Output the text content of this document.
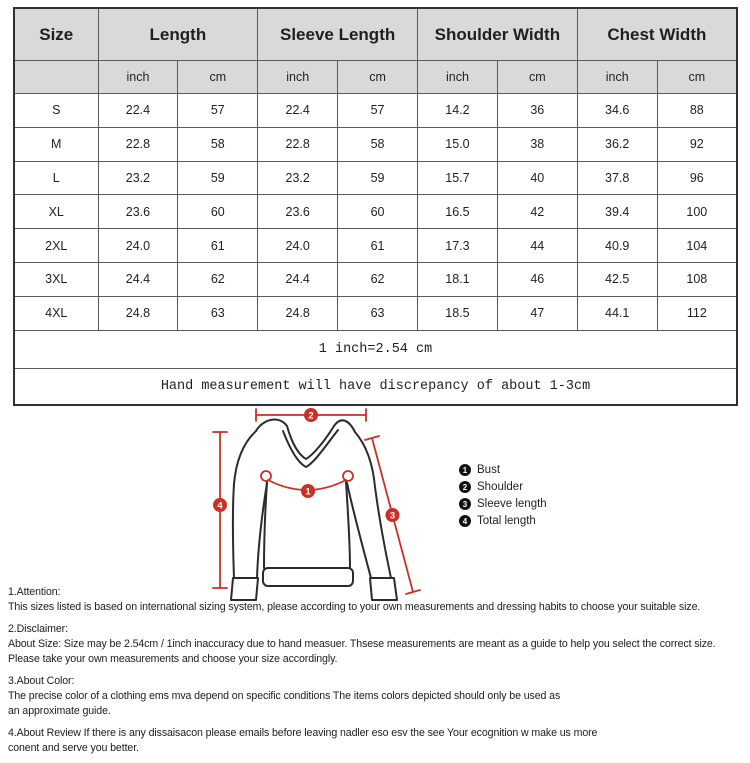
Size	Length		Sleeve Length		Shoulder Width		Chest Width	
	inch	cm	inch	cm	inch	cm	inch	cm
S	22.4	57	22.4	57	14.2	36	34.6	88
M	22.8	58	22.8	58	15.0	38	36.2	92
L	23.2	59	23.2	59	15.7	40	37.8	96
XL	23.6	60	23.6	60	16.5	42	39.4	100
2XL	24.0	61	24.0	61	17.3	44	40.9	104
3XL	24.4	62	24.4	62	18.1	46	42.5	108
4XL	24.8	63	24.8	63	18.5	47	44.1	112
1 inch=2.54 cm								
Hand measurement will have discrepancy of about 1-3cm								
2
4
1
3
1 Bust
2 Shoulder
3 Sleeve length
4 Total length
1.Attention:
This sizes listed is based on international sizing system, please according to your own measurements and dressing habits to choose your suitable size.
2.Disclaimer:
About Size: Size may be 2.54cm / 1inch inaccuracy due to hand measuer. Thsese measurements are meant as a guide to help you select the correct size.
Please take your own measurements and choose your size accordingly.
3.About Color:
The precise color of a clothing ems mva depend on specific conditions The items colors depicted should only be used as
an approximate guide.
4.About Review If there is any dissaisacon please emails before leaving nadler eso esv the see Your ecognition w make us more
conent and serve you better.
